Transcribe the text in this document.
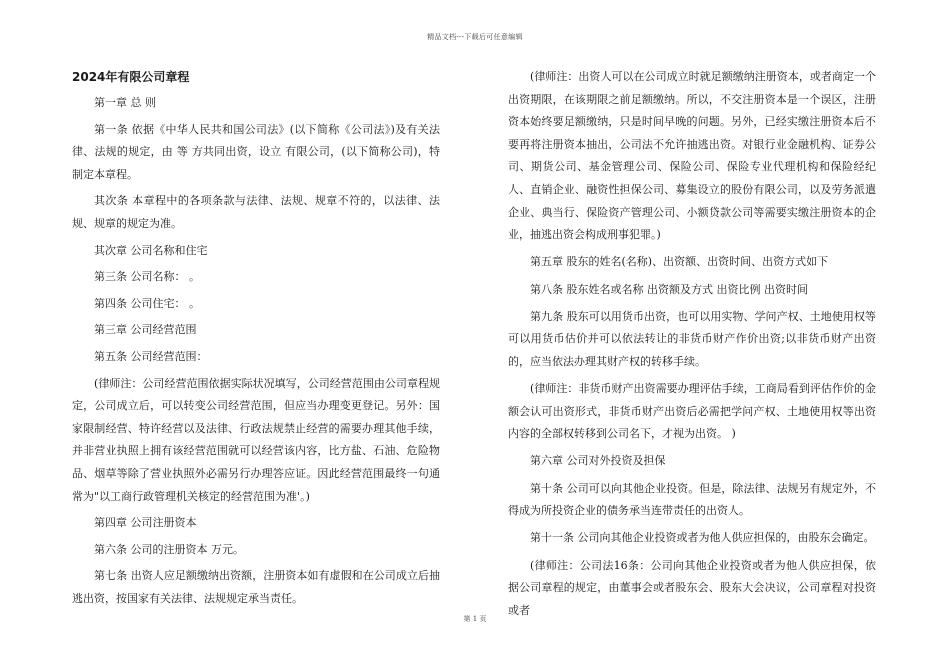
精品文档---下载后可任意编辑
2024年有限公司章程
第一章 总 则
第一条 依据《中华人民共和国公司法》(以下简称《公司法》)及有关法律、法规的规定，由 等 方共同出资，设立 有限公司，(以下简称公司)，特制定本章程。
其次条 本章程中的各项条款与法律、法规、规章不符的，以法律、法规、规章的规定为准。
其次章 公司名称和住宅
第三条 公司名称： 。
第四条 公司住宅： 。
第三章 公司经营范围
第五条 公司经营范围：
(律师注：公司经营范围依据实际状况填写，公司经营范围由公司章程规定，公司成立后，可以转变公司经营范围，但应当办理变更登记。另外：国家限制经营、特许经营以及法律、行政法规禁止经营的需要办理其他手续，并非营业执照上拥有该经营范围就可以经营该内容，比方盐、石油、危险物品、烟草等除了营业执照外必需另行办理答应证。因此经营范围最终一句通常为"以工商行政管理机关核定的经营范围为准'。)
第四章 公司注册资本
第六条 公司的注册资本 万元。
第七条 出资人应足额缴纳出资额，注册资本如有虚假和在公司成立后抽逃出资，按国家有关法律、法规规定承当责任。
(律师注：出资人可以在公司成立时就足额缴纳注册资本，或者商定一个出资期限，在该期限之前足额缴纳。所以，不交注册资本是一个误区，注册资本始终要足额缴纳，只是时间早晚的问题。另外，已经实缴注册资本后不要再将注册资本抽出，公司法不允许抽逃出资。对银行业金融机构、证券公司、期货公司、基金管理公司、保险公司、保险专业代理机构和保险经纪人、直销企业、融资性担保公司、募集设立的股份有限公司，以及劳务派遣企业、典当行、保险资产管理公司、小额贷款公司等需要实缴注册资本的企业，抽逃出资会构成刑事犯罪。)
第五章 股东的姓名(名称)、出资额、出资时间、出资方式如下
第八条 股东姓名或名称 出资额及方式 出资比例 出资时间
第九条 股东可以用货币出资，也可以用实物、学问产权、土地使用权等可以用货币估价并可以依法转让的非货币财产作价出资;以非货币财产出资的，应当依法办理其财产权的转移手续。
(律师注：非货币财产出资需要办理评估手续，工商局看到评估作价的金额会认可出资形式，非货币财产出资后必需把学问产权、土地使用权等出资内容的全部权转移到公司名下，才视为出资。 )
第六章 公司对外投资及担保
第十条 公司可以向其他企业投资。但是，除法律、法规另有规定外，不得成为所投资企业的债务承当连带责任的出资人。
第十一条 公司向其他企业投资或者为他人供应担保的，由股东会确定。
(律师注：公司法16条：公司向其他企业投资或者为他人供应担保，依据公司章程的规定，由董事会或者股东会、股东大会决议，公司章程对投资或者
第 1 页
